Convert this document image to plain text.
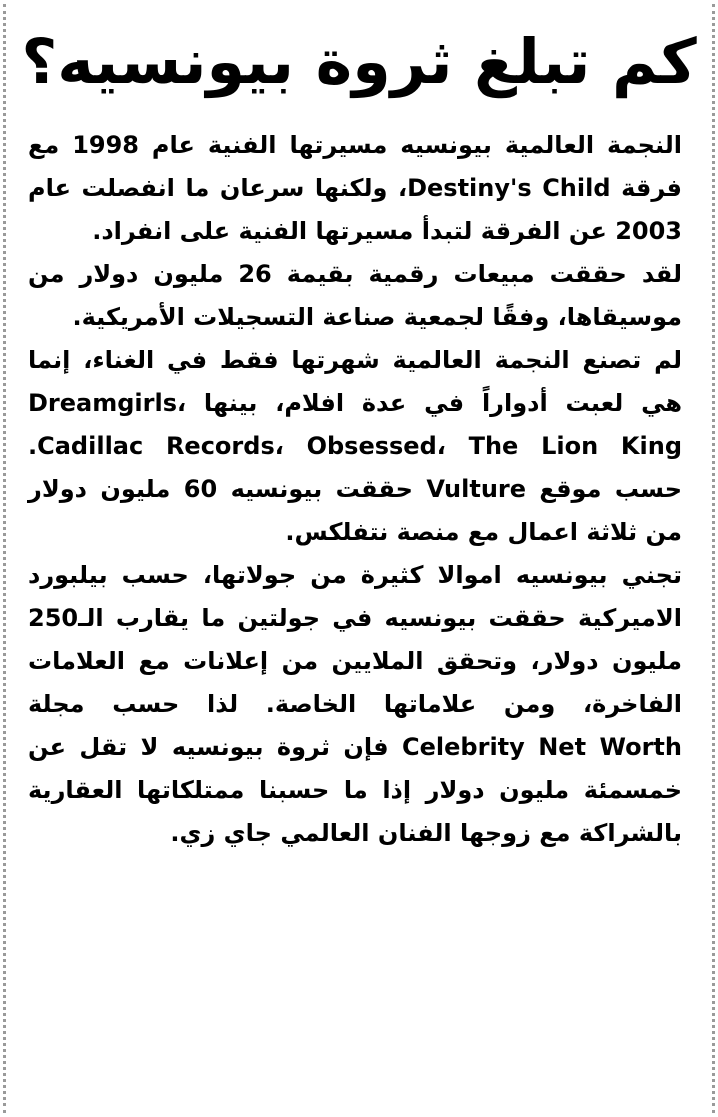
كم تبلغ ثروة بيونسيه؟

النجمة العالمية بيونسيه مسيرتها الفنية عام 1998 مع فرقة Destiny's Child، ولكنها سرعان ما انفصلت عام 2003 عن الفرقة لتبدأ مسيرتها الفنية على انفراد.

لقد حققت مبيعات رقمية بقيمة 26 مليون دولار من موسيقاها، وفقًا لجمعية صناعة التسجيلات الأمريكية.

لم تصنع النجمة العالمية شهرتها فقط في الغناء، إنما هي لعبت أدواراً في عدة افلام، بينها Dreamgirls، Cadillac Records، Obsessed، The Lion King. حسب موقع Vulture حققت بيونسيه 60 مليون دولار من ثلاثة اعمال مع منصة نتفلكس.

تجني بيونسيه اموالا كثيرة من جولاتها، حسب بيلبورد الاميركية حققت بيونسيه في جولتين ما يقارب الـ250 مليون دولار، وتحقق الملايين من إعلانات مع العلامات الفاخرة، ومن علاماتها الخاصة. لذا حسب مجلة Celebrity Net Worth فإن ثروة بيونسيه لا تقل عن خمسمئة مليون دولار إذا ما حسبنا ممتلكاتها العقارية بالشراكة مع زوجها الفنان العالمي جاي زي.
